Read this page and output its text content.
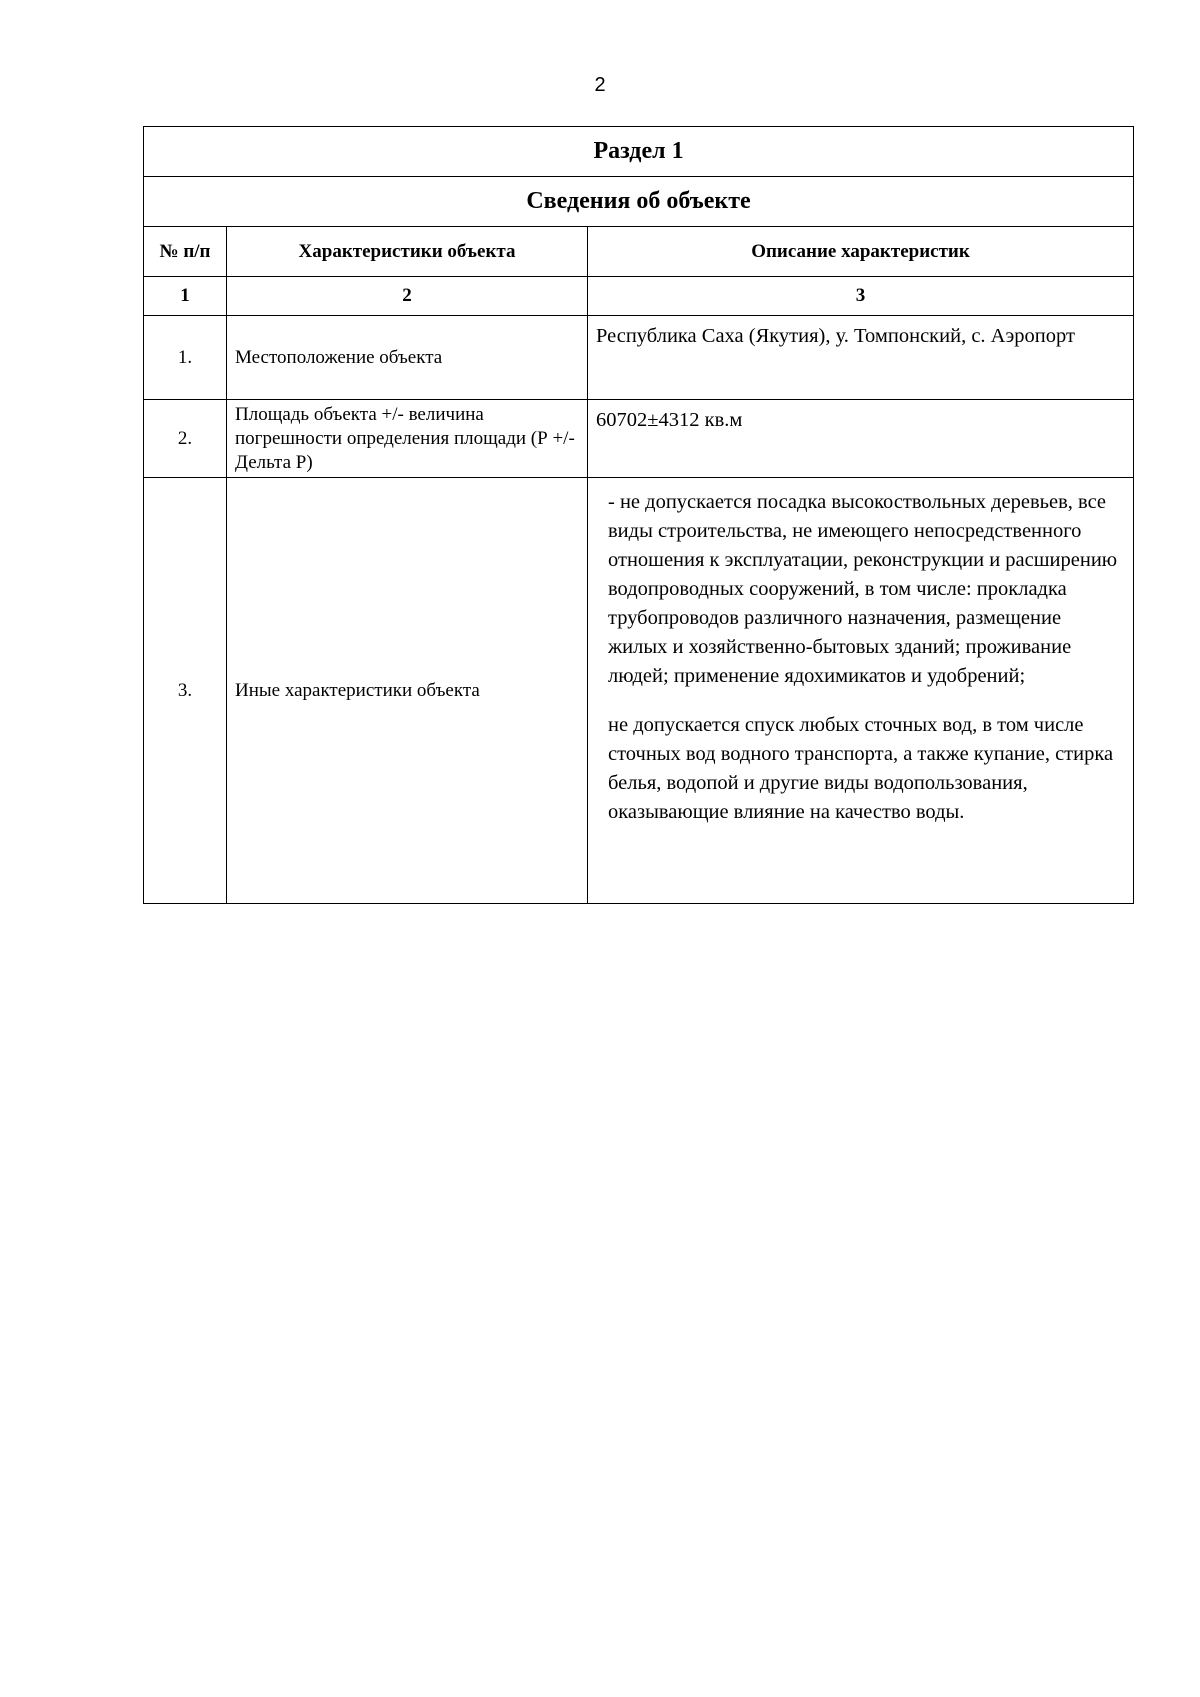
2
Раздел 1		
Сведения об объекте		
№ п/п	Характеристики объекта	Описание характеристик
1	2	3
1.	Местоположение объекта	Республика Саха (Якутия), у. Томпонский, с. Аэропорт
2.	Площадь объекта +/- величина погрешности определения площади (Р +/- Дельта Р)	60702±4312 кв.м
3.	Иные характеристики объекта	- не допускается посадка высокоствольных деревьев, все виды строительства, не имеющего непосредственного отношения к эксплуатации, реконструкции и расширению водопроводных сооружений, в том числе: прокладка трубопроводов различного назначения, размещение жилых и хозяйственно-бытовых зданий; проживание людей; применение ядохимикатов и удобрений;

не допускается спуск любых сточных вод, в том числе сточных вод водного транспорта, а также купание, стирка белья, водопой и другие виды водопользования, оказывающие влияние на качество воды.
